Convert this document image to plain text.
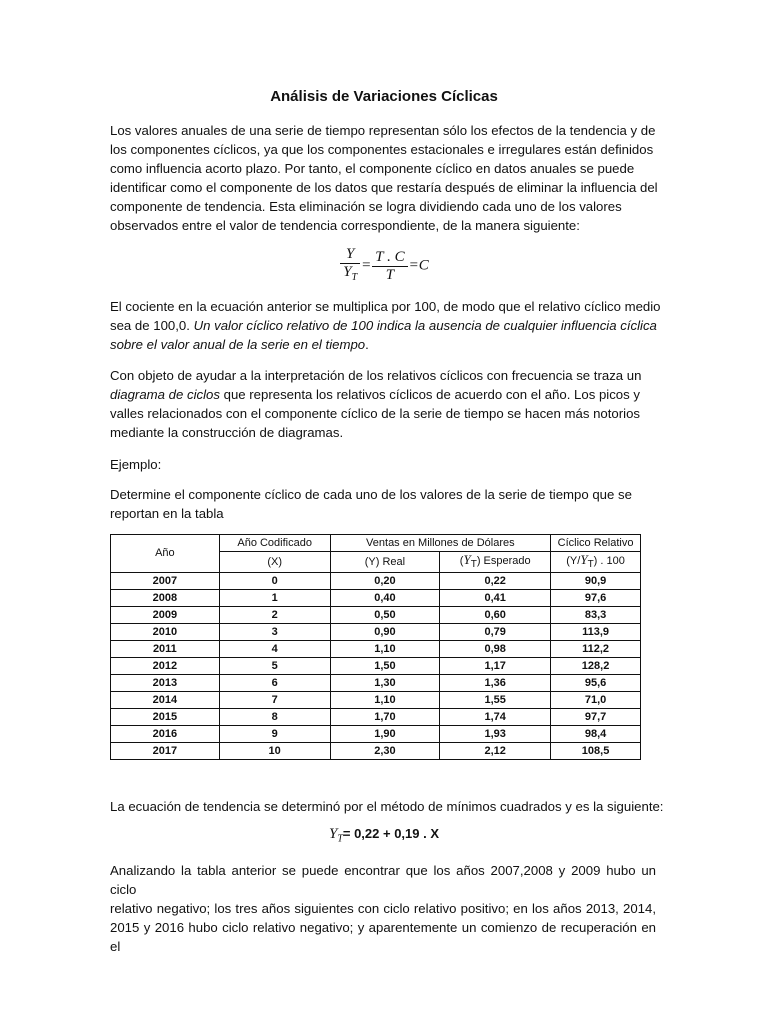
Análisis de Variaciones Cíclicas
Los valores anuales de una serie de tiempo representan sólo los efectos de la tendencia y de
los componentes cíclicos, ya que los componentes estacionales e irregulares están definidos
como influencia acorto plazo. Por tanto, el componente cíclico en datos anuales se puede
identificar como el componente de los datos que restaría después de eliminar la influencia del
componente de tendencia. Esta eliminación se logra dividiendo cada uno de los valores
observados entre el valor de tendencia correspondiente, de la manera siguiente:
$\frac{Y}{Y_T} = \frac{T . C}{T} =C$
El cociente en la ecuación anterior se multiplica por 100, de modo que el relativo cíclico medio
sea de 100,0. Un valor cíclico relativo de 100 indica la ausencia de cualquier influencia cíclica
sobre el valor anual de la serie en el tiempo.
Con objeto de ayudar a la interpretación de los relativos cíclicos con frecuencia se traza un
diagrama de ciclos que representa los relativos cíclicos de acuerdo con el año. Los picos y
valles relacionados con el componente cíclico de la serie de tiempo se hacen más notorios
mediante la construcción de diagramas.
Ejemplo:
Determine el componente cíclico de cada uno de los valores de la serie de tiempo que se
reportan en la tabla
Año	Año Codificado	Ventas en Millones de Dólares		Cíclico Relativo
	(X)	(Y) Real	$(Y_T)$ Esperado	$(Y/Y_T)$ . 100
2007	0	0,20	0,22	90,9
2008	1	0,40	0,41	97,6
2009	2	0,50	0,60	83,3
2010	3	0,90	0,79	113,9
2011	4	1,10	0,98	112,2
2012	5	1,50	1,17	128,2
2013	6	1,30	1,36	95,6
2014	7	1,10	1,55	71,0
2015	8	1,70	1,74	97,7
2016	9	1,90	1,93	98,4
2017	10	2,30	2,12	108,5
La ecuación de tendencia se determinó por el método de mínimos cuadrados y es la siguiente:
$Y_T= 0,22 + 0,19$ . X
Analizando la tabla anterior se puede encontrar que los años 2007,2008 y 2009 hubo un ciclo
relativo negativo; los tres años siguientes con ciclo relativo positivo; en los años 2013, 2014,
2015 y 2016 hubo ciclo relativo negativo; y aparentemente un comienzo de recuperación en el
